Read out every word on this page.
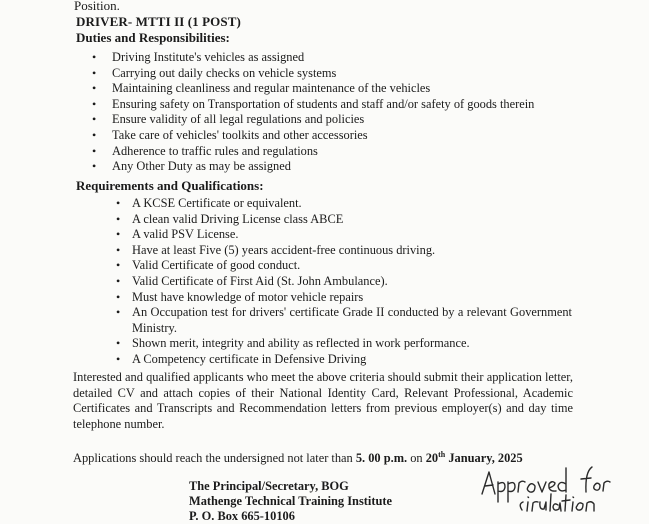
Position.
DRIVER- MTTI II (1 POST)
Duties and Responsibilities:
• Driving Institute's vehicles as assigned
• Carrying out daily checks on vehicle systems
• Maintaining cleanliness and regular maintenance of the vehicles
• Ensuring safety on Transportation of students and staff and/or safety of goods therein
• Ensure validity of all legal regulations and policies
• Take care of vehicles' toolkits and other accessories
• Adherence to traffic rules and regulations
• Any Other Duty as may be assigned
Requirements and Qualifications:
• A KCSE Certificate or equivalent.
• A clean valid Driving License class ABCE
• A valid PSV License.
• Have at least Five (5) years accident-free continuous driving.
• Valid Certificate of good conduct.
• Valid Certificate of First Aid (St. John Ambulance).
• Must have knowledge of motor vehicle repairs
• An Occupation test for drivers' certificate Grade II conducted by a relevant Government Ministry.
• Shown merit, integrity and ability as reflected in work performance.
• A Competency certificate in Defensive Driving
Interested and qualified applicants who meet the above criteria should submit their application letter, detailed CV and attach copies of their National Identity Card, Relevant Professional, Academic Certificates and Transcripts and Recommendation letters from previous employer(s) and day time telephone number.
Applications should reach the undersigned not later than 5. 00 p.m. on 20th January, 2025
The Principal/Secretary, BOG
Mathenge Technical Training Institute
P. O. Box 665-10106
